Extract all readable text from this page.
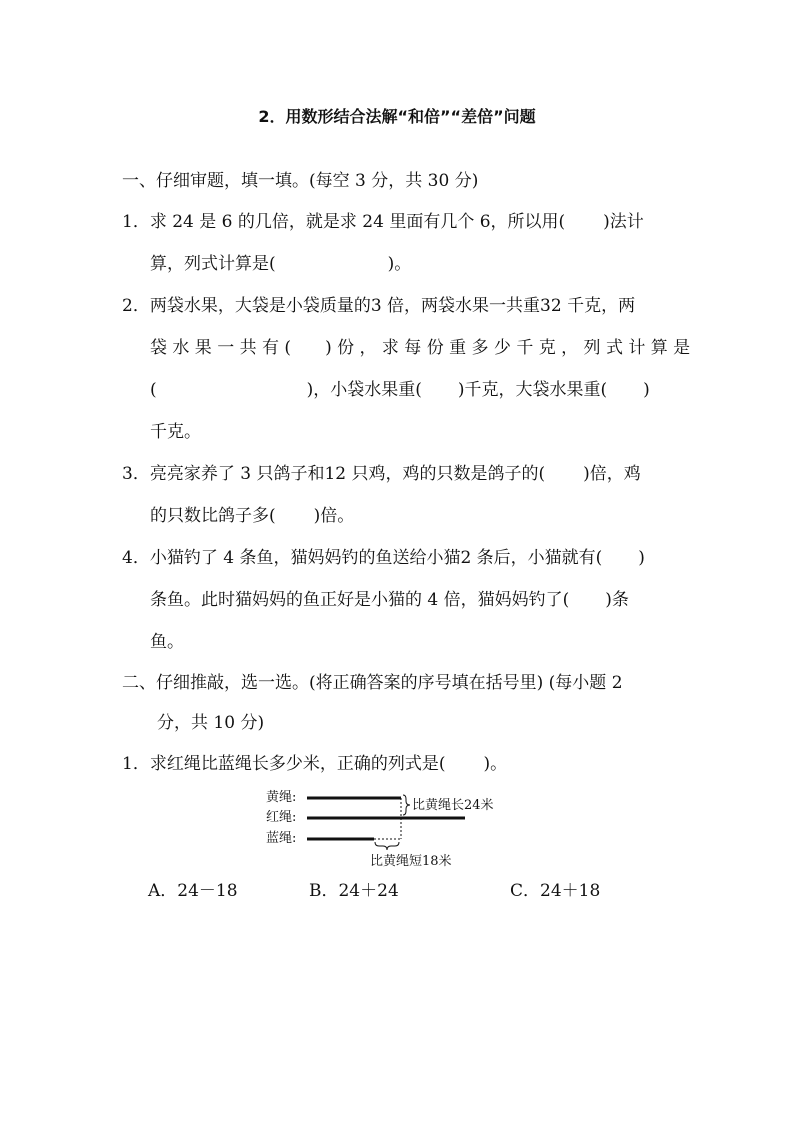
2．用数形结合法解“和倍”“差倍”问题
一、仔细审题，填一填。(每空 3 分，共 30 分)
1．求 24 是 6 的几倍，就是求 24 里面有几个 6，所以用( )法计
算，列式计算是(	)。
2．两袋水果，大袋是小袋质量的3 倍，两袋水果一共重32 千克，两
袋 水 果 一 共 有 ( ) 份 ， 求 每 份 重 多 少 千 克 ， 列 式 计 算 是
(	)，小袋水果重( )千克，大袋水果重( )
千克。
3．亮亮家养了 3 只鸽子和12 只鸡，鸡的只数是鸽子的( )倍，鸡
的只数比鸽子多( )倍。
4．小猫钓了 4 条鱼，猫妈妈钓的鱼送给小猫2 条后，小猫就有( )
条鱼。此时猫妈妈的鱼正好是小猫的 4 倍，猫妈妈钓了( )条
鱼。
二、仔细推敲，选一选。(将正确答案的序号填在括号里) (每小题 2
分，共 10 分)
1．求红绳比蓝绳长多少米，正确的列式是( )。
黄绳:
红绳:
蓝绳:
比黄绳长24米
比黄绳短18米
A．24－18	B．24＋24	C．24＋18
